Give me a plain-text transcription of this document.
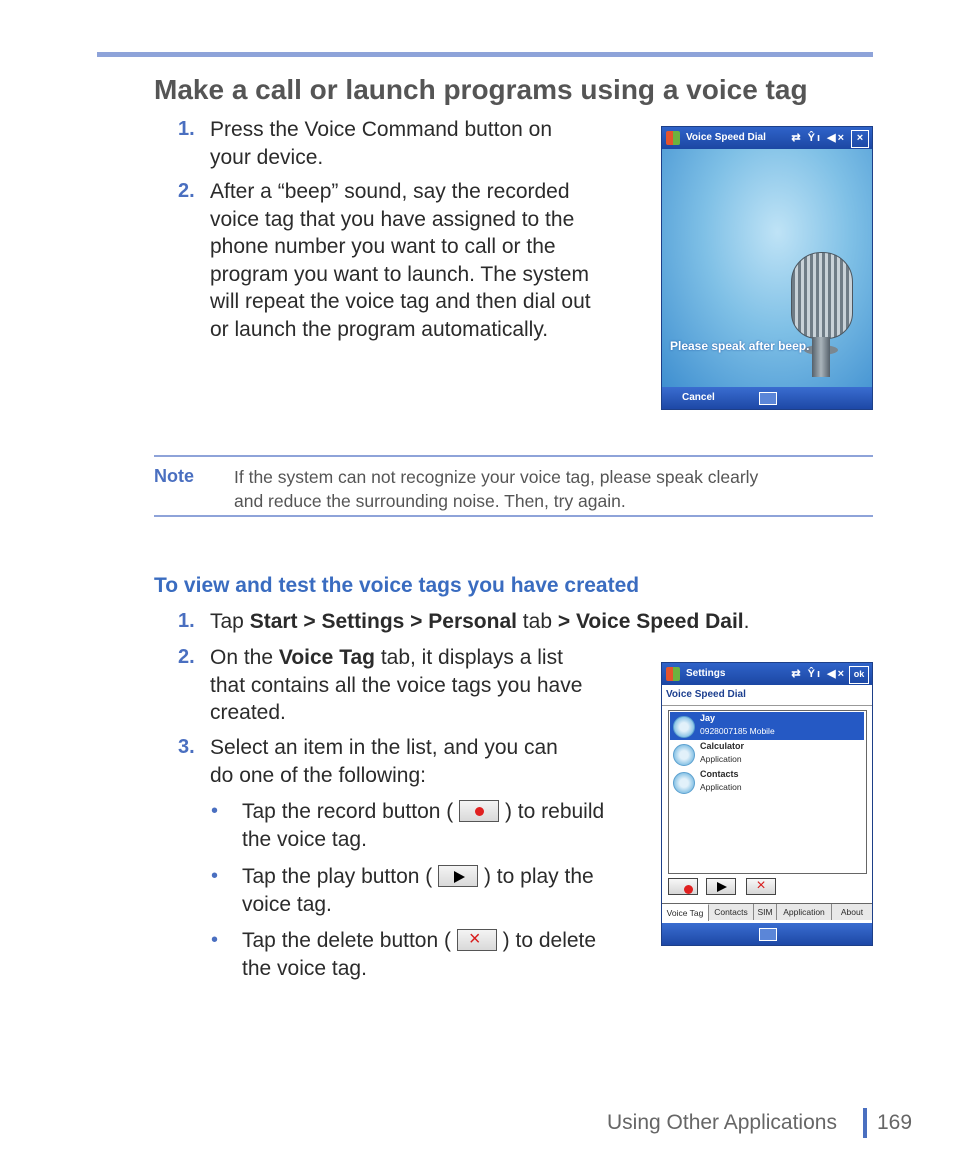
Make a call or launch programs using a voice tag
1. Press the Voice Command button on
your device.
2. After a “beep” sound, say the recorded
voice tag that you have assigned to the
phone number you want to call or the
program you want to launch. The system
will repeat the voice tag and then dial out
or launch the program automatically.
Voice Speed Dial ⇄ Ŷı ◀× ×
Please speak after beep.
Cancel
Note If the system can not recognize your voice tag, please speak clearly
and reduce the surrounding noise. Then, try again.
To view and test the voice tags you have created
1. Tap Start > Settings > Personal tab > Voice Speed Dail.
2. On the Voice Tag tab, it displays a list
that contains all the voice tags you have
created.
3. Select an item in the list, and you can
do one of the following:
• Tap the record button (  ) to rebuild
the voice tag.
• Tap the play button (  ) to play the
voice tag.
• Tap the delete button ( × ) to delete
the voice tag.
Settings	⇄ Ŷı ◀× ok
Voice Speed Dial
Jay
0928007185 Mobile
Calculator
Application
Contacts
Application
×
Voice Tag	Contacts	SIM	Application	About
Using Other Applications 169
